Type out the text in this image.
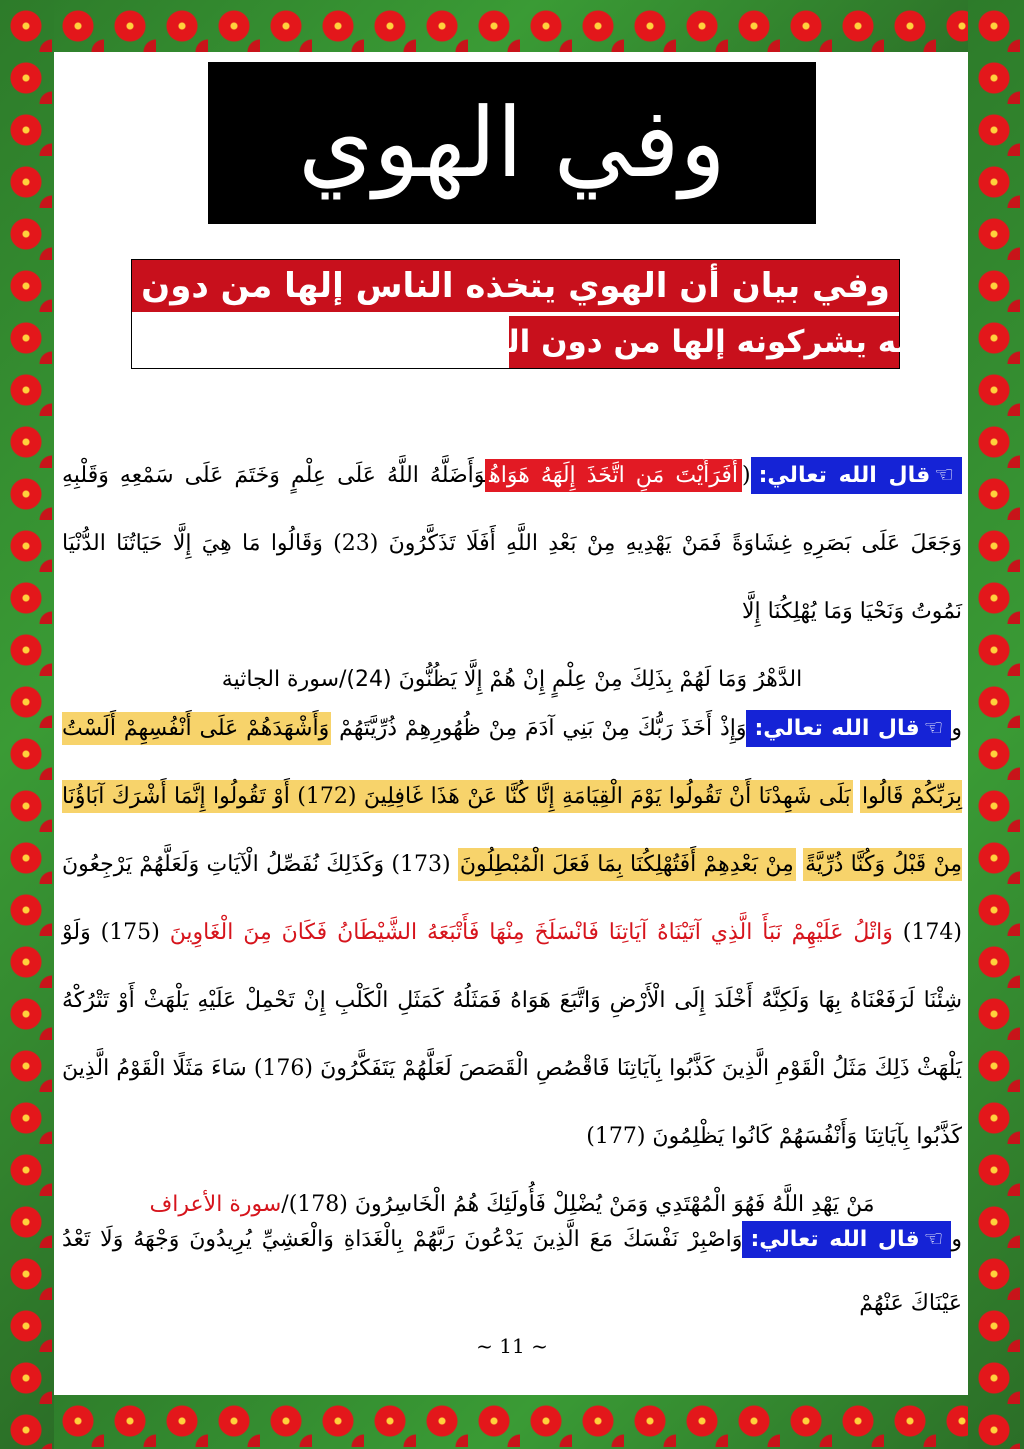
وفي الهوي
وفي بيان أن الهوي يتخذه الناس إلها من دون
الله يشركونه إلها من دون الله

☜قال الله تعالي:(أَفَرَأَيْتَ مَنِ اتَّخَذَ إِلَهَهُ هَوَاهُوَأَضَلَّهُ اللَّهُ عَلَى عِلْمٍ وَخَتَمَ عَلَى سَمْعِهِ وَقَلْبِهِ وَجَعَلَ عَلَى بَصَرِهِ غِشَاوَةً فَمَنْ يَهْدِيهِ مِنْ بَعْدِ اللَّهِ أَفَلَا تَذَكَّرُونَ (23) وَقَالُوا مَا هِيَ إِلَّا حَيَاتُنَا الدُّنْيَا نَمُوتُ وَنَحْيَا وَمَا يُهْلِكُنَا إِلَّا

الدَّهْرُ وَمَا لَهُمْ بِذَلِكَ مِنْ عِلْمٍ إِنْ هُمْ إِلَّا يَظُنُّونَ (24)/سورة الجاثية

و☜قال الله تعالي:وَإِذْ أَخَذَ رَبُّكَ مِنْ بَنِي آدَمَ مِنْ ظُهُورِهِمْ ذُرِّيَّتَهُمْ وَأَشْهَدَهُمْ عَلَى أَنْفُسِهِمْ أَلَسْتُ بِرَبِّكُمْ قَالُوا بَلَى شَهِدْنَا أَنْ تَقُولُوا يَوْمَ الْقِيَامَةِ إِنَّا كُنَّا عَنْ هَذَا غَافِلِينَ (172) أَوْ تَقُولُوا إِنَّمَا أَشْرَكَ آبَاؤُنَا مِنْ قَبْلُ وَكُنَّا ذُرِّيَّةً مِنْ بَعْدِهِمْ أَفَتُهْلِكُنَا بِمَا فَعَلَ الْمُبْطِلُونَ (173) وَكَذَلِكَ نُفَصِّلُ الْآيَاتِ وَلَعَلَّهُمْ يَرْجِعُونَ (174) وَاتْلُ عَلَيْهِمْ نَبَأَ الَّذِي آتَيْنَاهُ آيَاتِنَا فَانْسَلَخَ مِنْهَا فَأَتْبَعَهُ الشَّيْطَانُ فَكَانَ مِنَ الْغَاوِينَ (175) وَلَوْ شِئْنَا لَرَفَعْنَاهُ بِهَا وَلَكِنَّهُ أَخْلَدَ إِلَى الْأَرْضِ وَاتَّبَعَ هَوَاهُ فَمَثَلُهُ كَمَثَلِ الْكَلْبِ إِنْ تَحْمِلْ عَلَيْهِ يَلْهَثْ أَوْ تَتْرُكْهُ يَلْهَثْ ذَلِكَ مَثَلُ الْقَوْمِ الَّذِينَ كَذَّبُوا بِآيَاتِنَا فَاقْصُصِ الْقَصَصَ لَعَلَّهُمْ يَتَفَكَّرُونَ (176) سَاءَ مَثَلًا الْقَوْمُ الَّذِينَ كَذَّبُوا بِآيَاتِنَا وَأَنْفُسَهُمْ كَانُوا يَظْلِمُونَ (177)

مَنْ يَهْدِ اللَّهُ فَهُوَ الْمُهْتَدِي وَمَنْ يُضْلِلْ فَأُولَئِكَ هُمُ الْخَاسِرُونَ (178)/سورة الأعراف

و☜قال الله تعالي:وَاصْبِرْ نَفْسَكَ مَعَ الَّذِينَ يَدْعُونَ رَبَّهُمْ بِالْغَدَاةِ وَالْعَشِيِّ يُرِيدُونَ وَجْهَهُ وَلَا تَعْدُ عَيْنَاكَ عَنْهُمْ

~ 11 ~
